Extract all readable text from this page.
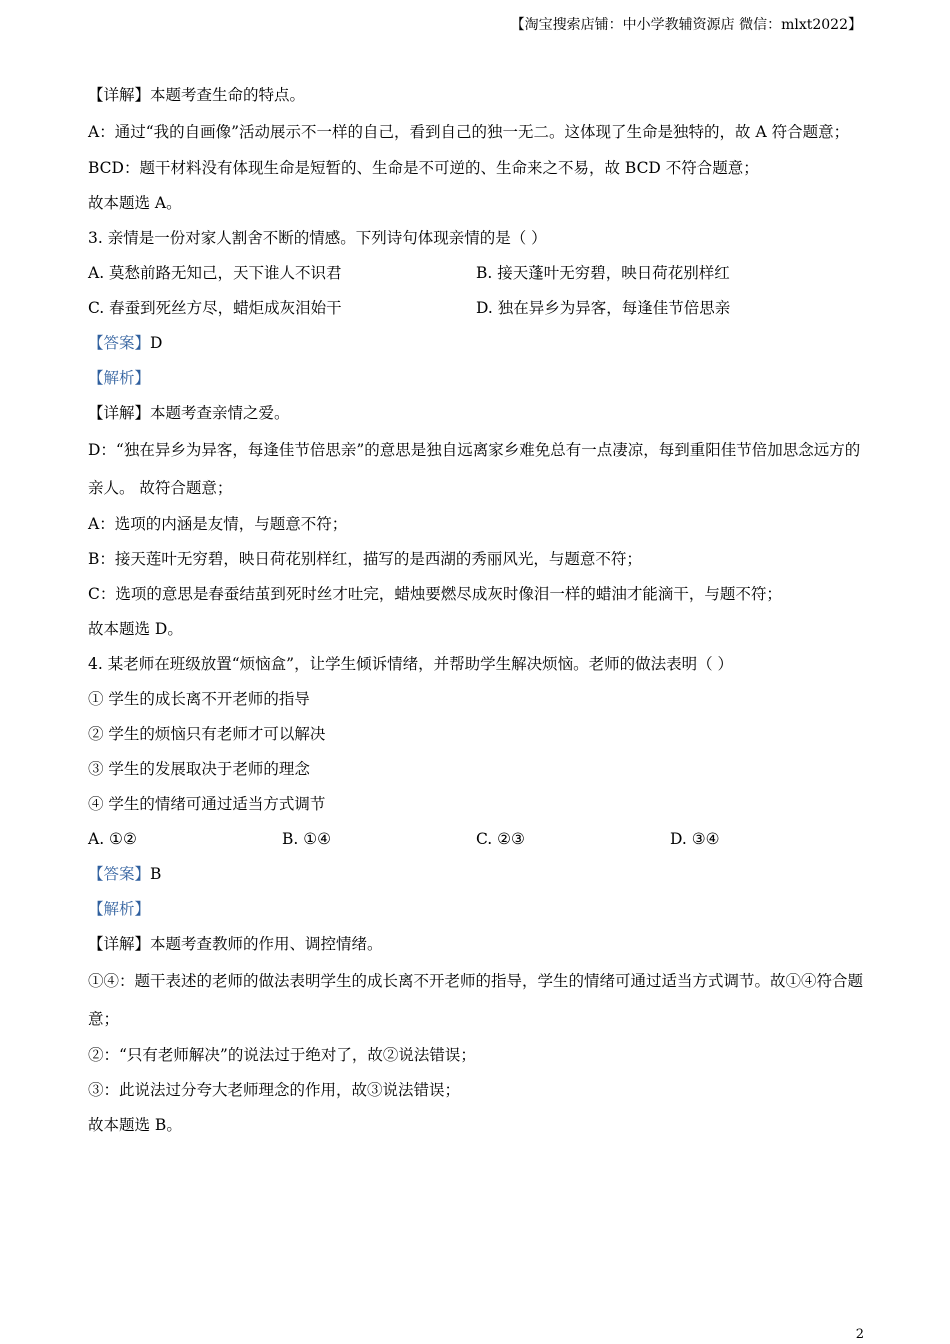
【淘宝搜索店铺：中小学教辅资源店 微信：mlxt2022】
【详解】本题考查生命的特点。
A：通过“我的自画像”活动展示不一样的自己，看到自己的独一无二。这体现了生命是独特的，故 A 符合题意；
BCD：题干材料没有体现生命是短暂的、生命是不可逆的、生命来之不易，故 BCD 不符合题意；
故本题选 A。
3. 亲情是一份对家人割舍不断的情感。下列诗句体现亲情的是（ ）
A. 莫愁前路无知己，天下谁人不识君	B. 接天蓬叶无穷碧，映日荷花别样红
C. 春蚕到死丝方尽，蜡炬成灰泪始干	D. 独在异乡为异客，每逢佳节倍思亲
【答案】D
【解析】
【详解】本题考查亲情之爱。
D：“独在异乡为异客，每逢佳节倍思亲”的意思是独自远离家乡难免总有一点凄凉，每到重阳佳节倍加思念远方的亲人。 故符合题意；
A：选项的内涵是友情，与题意不符；
B：接天莲叶无穷碧，映日荷花别样红，描写的是西湖的秀丽风光，与题意不符；
C：选项的意思是春蚕结茧到死时丝才吐完，蜡烛要燃尽成灰时像泪一样的蜡油才能滴干，与题不符；
故本题选 D。
4. 某老师在班级放置“烦恼盒”，让学生倾诉情绪，并帮助学生解决烦恼。老师的做法表明（ ）
① 学生的成长离不开老师的指导
② 学生的烦恼只有老师才可以解决
③ 学生的发展取决于老师的理念
④ 学生的情绪可通过适当方式调节
A. ①②	B. ①④	C. ②③	D. ③④
【答案】B
【解析】
【详解】本题考查教师的作用、调控情绪。
①④：题干表述的老师的做法表明学生的成长离不开老师的指导，学生的情绪可通过适当方式调节。故①④符合题意；
②：“只有老师解决”的说法过于绝对了，故②说法错误；
③：此说法过分夸大老师理念的作用，故③说法错误；
故本题选 B。
2
